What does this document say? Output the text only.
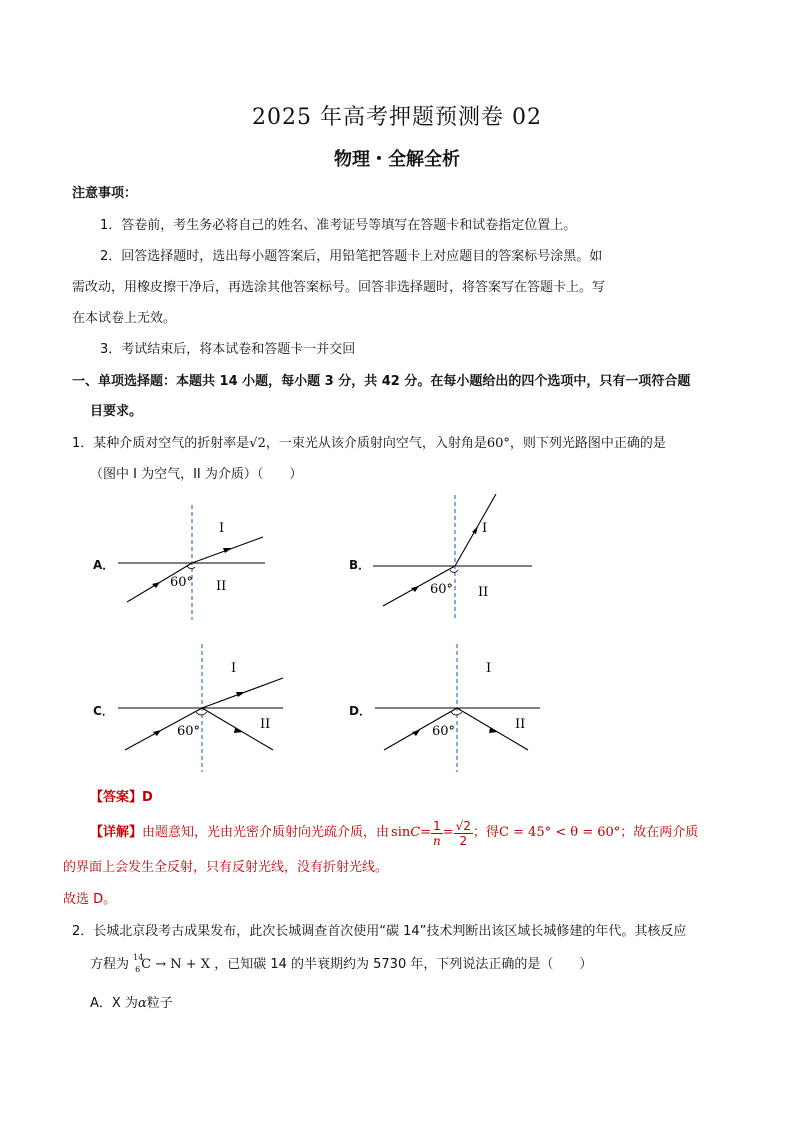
2025 年高考押题预测卷 02
物理・全解全析
注意事项：
1．答卷前，考生务必将自己的姓名、准考证号等填写在答题卡和试卷指定位置上。
2．回答选择题时，选出每小题答案后，用铅笔把答题卡上对应题目的答案标号涂黑。如
需改动，用橡皮擦干净后，再选涂其他答案标号。回答非选择题时，将答案写在答题卡上。写
在本试卷上无效。
3．考试结束后，将本试卷和答题卡一并交回
一、单项选择题：本题共 14 小题，每小题 3 分，共 42 分。在每小题给出的四个选项中，只有一项符合题
目要求。
1．某种介质对空气的折射率是√2，一束光从该介质射向空气，入射角是60°，则下列光路图中正确的是
（图中 I 为空气，II 为介质）（　　）
A．	B．
C．	D．
I
II
60°
I
II
60°
I
II
60°
I
II
60°
【答案】D
【详解】 由题意知，光由光密介质射向光疏介质，由 $\sin C = \frac{1}{n} = \frac{√2}{2}$ ；得 C = 45° < θ = 60° ；故在两介质
的界面上会发生全反射，只有反射光线，没有折射光线。
故选 D。
2．长城北京段考古成果发布，此次长城调查首次使用“碳 14”技术判断出该区域长城修建的年代。其核反应
方程为 14
6 C → N + X ，已知碳 14 的半衰期约为 5730 年，下列说法正确的是（　　）
A．X 为α粒子
